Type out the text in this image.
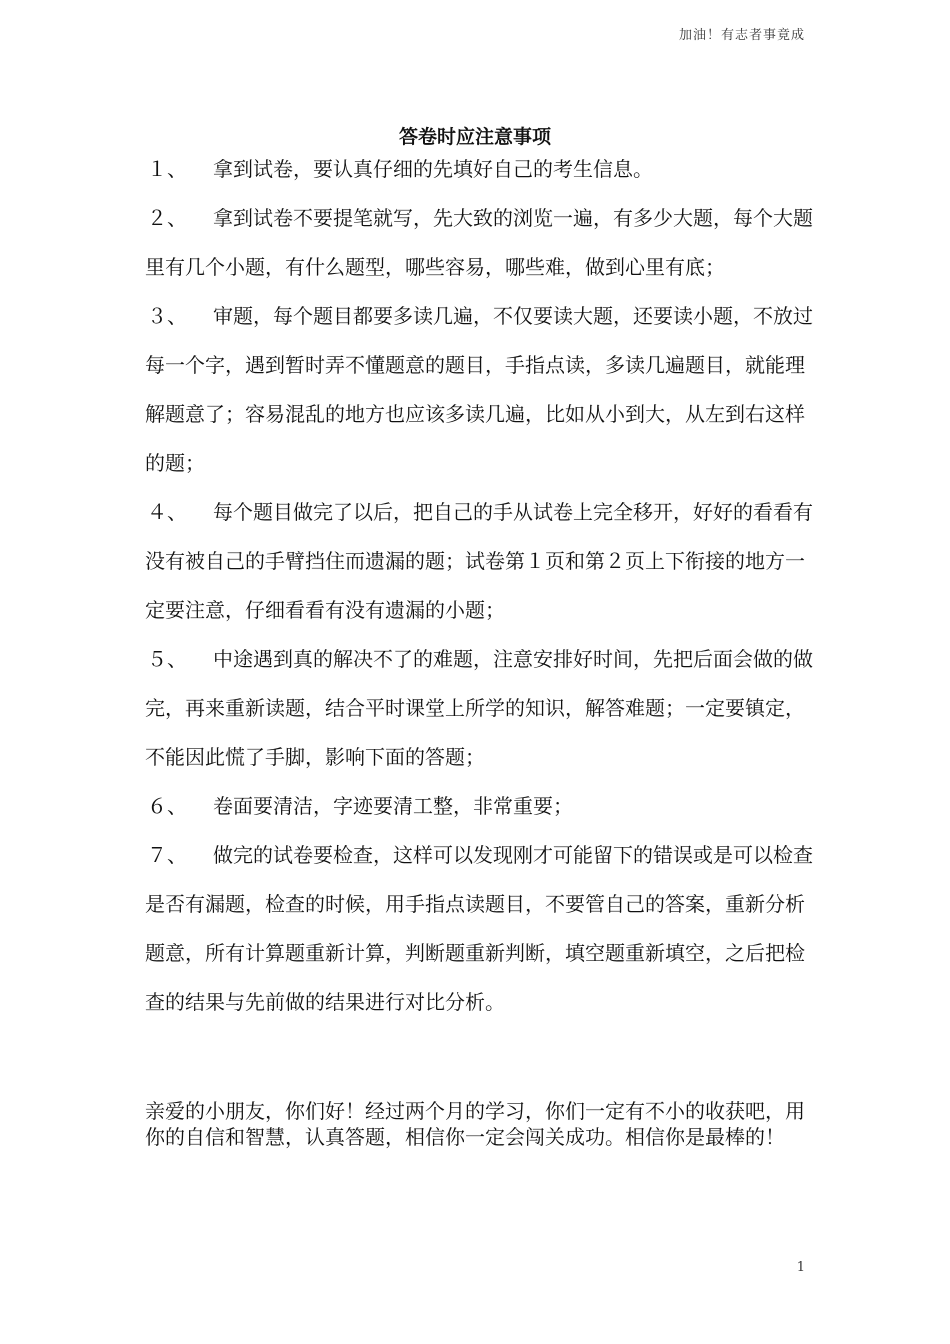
加油！有志者事竟成
答卷时应注意事项

１、 拿到试卷，要认真仔细的先填好自己的考生信息。

２、 拿到试卷不要提笔就写，先大致的浏览一遍，有多少大题，每个大题里有几个小题，有什么题型，哪些容易，哪些难，做到心里有底；

３、 审题，每个题目都要多读几遍，不仅要读大题，还要读小题，不放过每一个字，遇到暂时弄不懂题意的题目，手指点读，多读几遍题目，就能理解题意了；容易混乱的地方也应该多读几遍，比如从小到大，从左到右这样的题；

４、 每个题目做完了以后，把自己的手从试卷上完全移开，好好的看看有没有被自己的手臂挡住而遗漏的题；试卷第１页和第２页上下衔接的地方一定要注意，仔细看看有没有遗漏的小题；

５、 中途遇到真的解决不了的难题，注意安排好时间，先把后面会做的做完，再来重新读题，结合平时课堂上所学的知识，解答难题；一定要镇定，不能因此慌了手脚，影响下面的答题；

６、 卷面要清洁，字迹要清工整，非常重要；

７、 做完的试卷要检查，这样可以发现刚才可能留下的错误或是可以检查是否有漏题，检查的时候，用手指点读题目，不要管自己的答案，重新分析题意，所有计算题重新计算，判断题重新判断，填空题重新填空，之后把检查的结果与先前做的结果进行对比分析。

亲爱的小朋友，你们好！经过两个月的学习，你们一定有不小的收获吧，用你的自信和智慧，认真答题，相信你一定会闯关成功。相信你是最棒的！

1
